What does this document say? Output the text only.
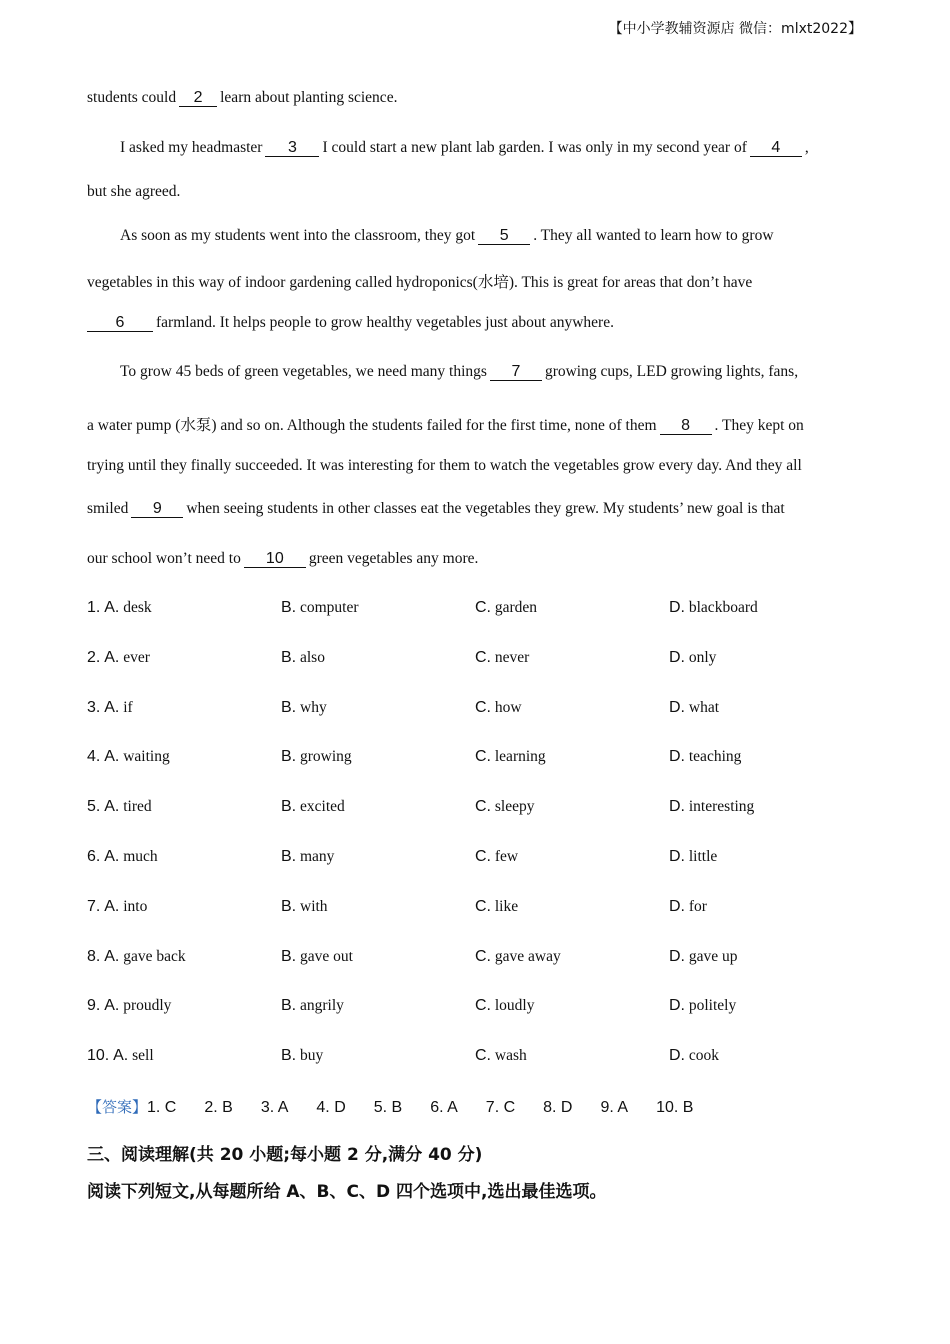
【中小学教辅资源店 微信：mlxt2022】
students could 2 learn about planting science.
I asked my headmaster 3 I could start a new plant lab garden. I was only in my second year of 4 ,
but she agreed.
As soon as my students went into the classroom, they got 5 . They all wanted to learn how to grow
vegetables in this way of indoor gardening called hydroponics(水培). This is great for areas that don’t have
6 farmland. It helps people to grow healthy vegetables just about anywhere.
To grow 45 beds of green vegetables, we need many things 7 growing cups, LED growing lights, fans,
a water pump (水泵) and so on. Although the students failed for the first time, none of them 8 . They kept on
trying until they finally succeeded. It was interesting for them to watch the vegetables grow every day. And they all
smiled 9 when seeing students in other classes eat the vegetables they grew. My students’ new goal is that
our school won’t need to 10 green vegetables any more.
1. A. desk	B. computer	C. garden	D. blackboard
2. A. ever	B. also	C. never	D. only
3. A. if	B. why	C. how	D. what
4. A. waiting	B. growing	C. learning	D. teaching
5. A. tired	B. excited	C. sleepy	D. interesting
6. A. much	B. many	C. few	D. little
7. A. into	B. with	C. like	D. for
8. A. gave back	B. gave out	C. gave away	D. gave up
9. A. proudly	B. angrily	C. loudly	D. politely
10. A. sell	B. buy	C. wash	D. cook
【答案】1. C 2. B 3. A 4. D 5. B 6. A 7. C 8. D 9. A 10. B
三、阅读理解(共 20 小题;每小题 2 分,满分 40 分)
阅读下列短文,从每题所给 A、B、C、D 四个选项中,选出最佳选项。
